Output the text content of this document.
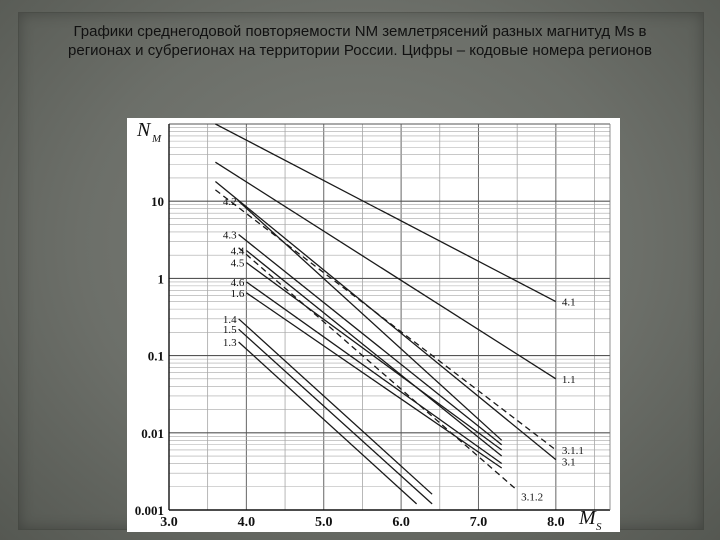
Графики среднегодовой повторяемости NM землетрясений разных магнитуд Ms в регионах и субрегионах на территории России. Цифры – кодовые номера регионов
4.1
1.1
3.1.1
3.1
3.1.2
4.2
4.3
4.4
4.5
4.6
1.6
1.4
1.5
1.3
3.0	4.0	5.0	6.0	7.0	8.0
0.001
0.01
0.1
1
10
N M
M S
